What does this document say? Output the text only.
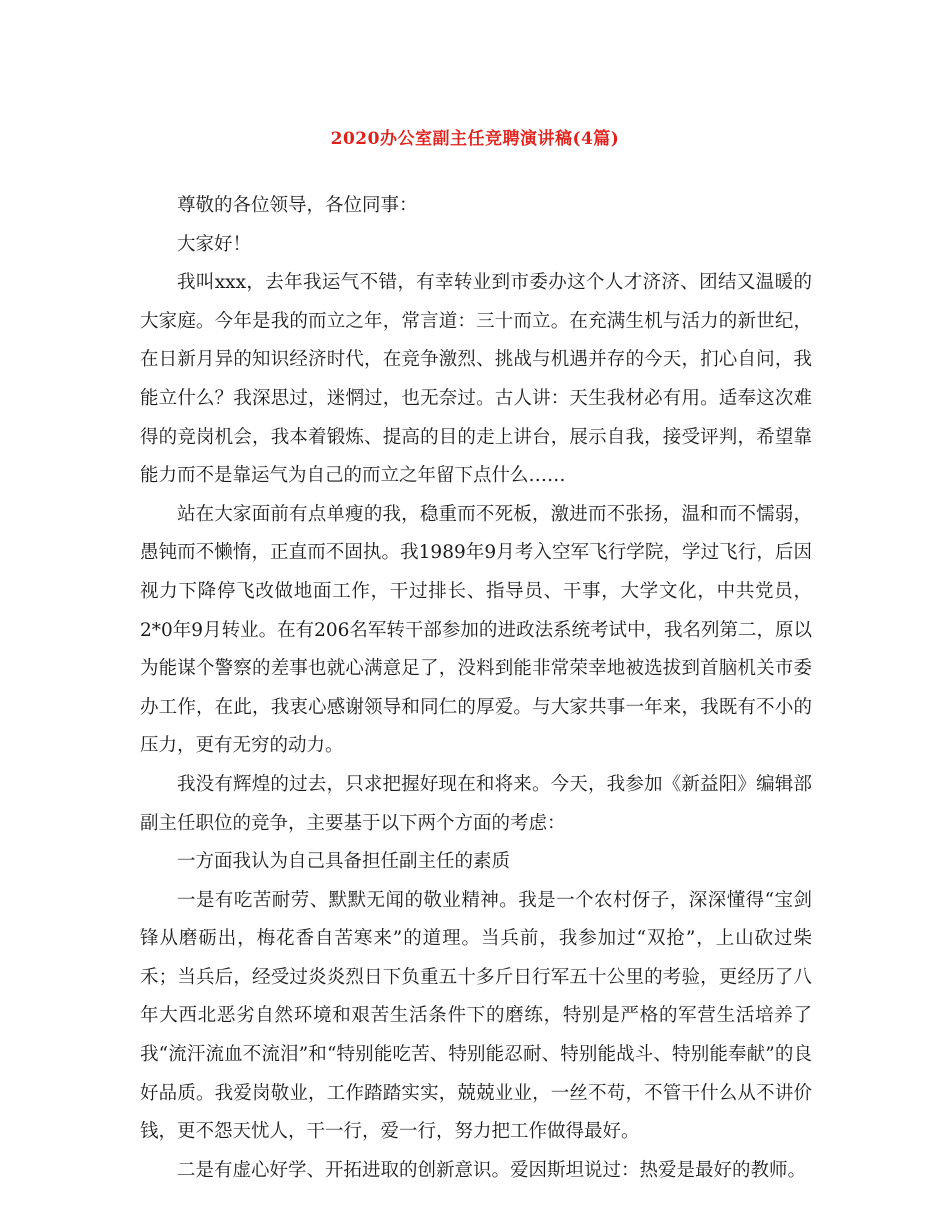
2020办公室副主任竞聘演讲稿(4篇)

尊敬的各位领导，各位同事：

大家好！

我叫xxx，去年我运气不错，有幸转业到市委办这个人才济济、团结又温暖的大家庭。今年是我的而立之年，常言道：三十而立。在充满生机与活力的新世纪，在日新月异的知识经济时代，在竞争激烈、挑战与机遇并存的今天，扪心自问，我能立什么？我深思过，迷惘过，也无奈过。古人讲：天生我材必有用。适奉这次难得的竞岗机会，我本着锻炼、提高的目的走上讲台，展示自我，接受评判，希望靠能力而不是靠运气为自己的而立之年留下点什么……

站在大家面前有点单瘦的我，稳重而不死板，激进而不张扬，温和而不懦弱，愚钝而不懒惰，正直而不固执。我1989年9月考入空军飞行学院，学过飞行，后因视力下降停飞改做地面工作，干过排长、指导员、干事，大学文化，中共党员，2*0年9月转业。在有206名军转干部参加的进政法系统考试中，我名列第二，原以为能谋个警察的差事也就心满意足了，没料到能非常荣幸地被选拔到首脑机关市委办工作，在此，我衷心感谢领导和同仁的厚爱。与大家共事一年来，我既有不小的压力，更有无穷的动力。

我没有辉煌的过去，只求把握好现在和将来。今天，我参加《新益阳》编辑部副主任职位的竞争，主要基于以下两个方面的考虑：

一方面我认为自己具备担任副主任的素质

一是有吃苦耐劳、默默无闻的敬业精神。我是一个农村伢子，深深懂得“宝剑锋从磨砺出，梅花香自苦寒来”的道理。当兵前，我参加过“双抢”，上山砍过柴禾；当兵后，经受过炎炎烈日下负重五十多斤日行军五十公里的考验，更经历了八年大西北恶劣自然环境和艰苦生活条件下的磨练，特别是严格的军营生活培养了我“流汗流血不流泪”和“特别能吃苦、特别能忍耐、特别能战斗、特别能奉献”的良好品质。我爱岗敬业，工作踏踏实实，兢兢业业，一丝不苟，不管干什么从不讲价钱，更不怨天忧人，干一行，爱一行，努力把工作做得最好。

二是有虚心好学、开拓进取的创新意识。爱因斯坦说过：热爱是最好的教师。
